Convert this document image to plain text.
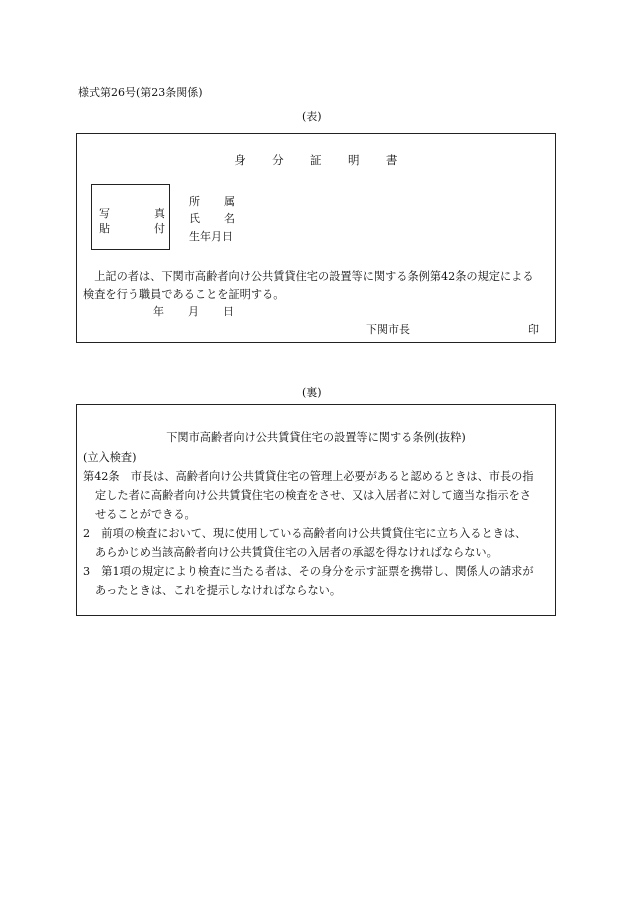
様式第26号(第23条関係)
(表)
身 分 証 明 書
写	真
貼	付
所 属
氏 名
生年月日
　上記の者は、下関市高齢者向け公共賃貸住宅の設置等に関する条例第42条の規定による
検査を行う職員であることを証明する。
年 月 日
下関市長	印
(裏)
下関市高齢者向け公共賃貸住宅の設置等に関する条例(抜粋)
(立入検査)
第42条　市長は、高齢者向け公共賃貸住宅の管理上必要があると認めるときは、市長の指
定した者に高齢者向け公共賃貸住宅の検査をさせ、又は入居者に対して適当な指示をさ
せることができる。
2　前項の検査において、現に使用している高齢者向け公共賃貸住宅に立ち入るときは、
あらかじめ当該高齢者向け公共賃貸住宅の入居者の承認を得なければならない。
3　第1項の規定により検査に当たる者は、その身分を示す証票を携帯し、関係人の請求が
あったときは、これを提示しなければならない。
